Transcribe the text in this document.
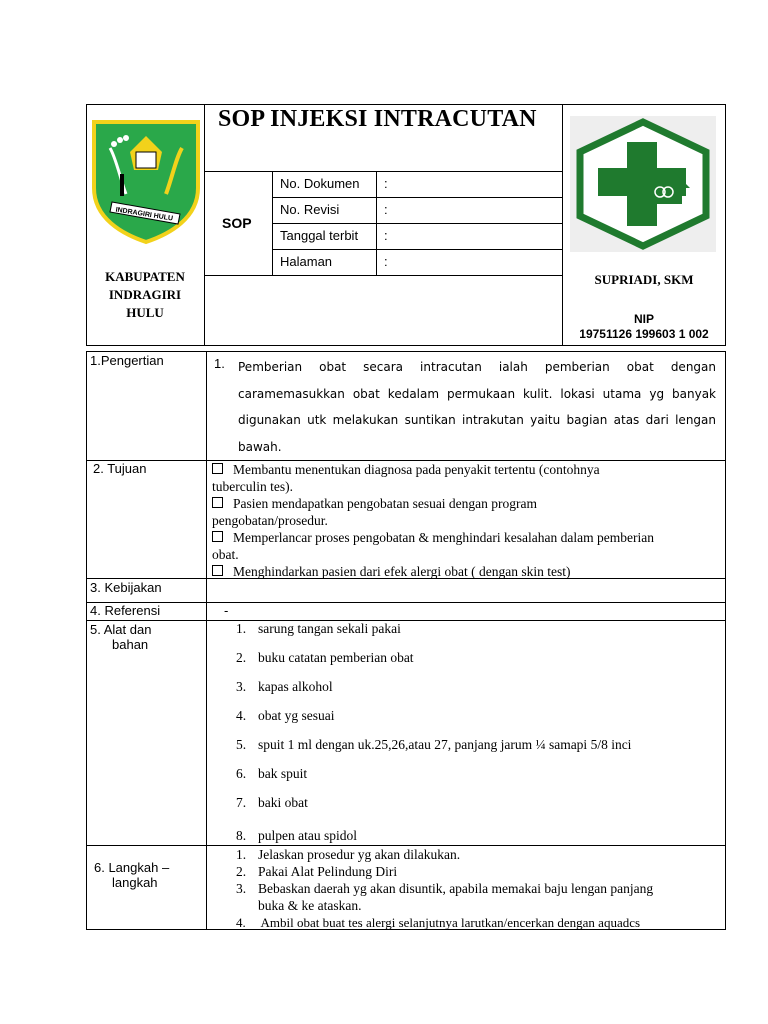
INDRAGIRI HULU
KABUPATEN
INDRAGIRI
HULU
SOP INJEKSI INTRACUTAN
SOP
No. Dokumen :
No. Revisi	:
Tanggal terbit :
Halaman	:
SUPRIADI, SKM
NIP
19751126 199603 1 002
1.Pengertian	1. Pemberian obat secara intracutan ialah pemberian obat dengan
caramemasukkan obat kedalam permukaan kulit. lokasi utama yg banyak
digunakan utk melakukan suntikan intrakutan yaitu bagian atas dari lengan
bawah.
2. Tujuan	Membantu menentukan diagnosa pada penyakit tertentu (contohnya
tuberculin tes).
Pasien mendapatkan pengobatan sesuai dengan program
pengobatan/prosedur.
Memperlancar proses pengobatan & menghindari kesalahan dalam pemberian
obat.
Menghindarkan pasien dari efek alergi obat ( dengan skin test)
3. Kebijakan
4. Referensi	-
5. Alat dan
bahan
1. sarung tangan sekali pakai
2. buku catatan pemberian obat
3. kapas alkohol
4. obat yg sesuai
5. spuit 1 ml dengan uk.25,26,atau 27, panjang jarum ¼ samapi 5/8 inci
6. bak spuit
7. baki obat
8. pulpen atau spidol
6. Langkah –
langkah
1. Jelaskan prosedur yg akan dilakukan.
2. Pakai Alat Pelindung Diri
3. Bebaskan daerah yg akan disuntik, apabila memakai baju lengan panjang
buka & ke ataskan.
4. Ambil obat buat tes alergi selanjutnya larutkan/encerkan dengan aquadcs
